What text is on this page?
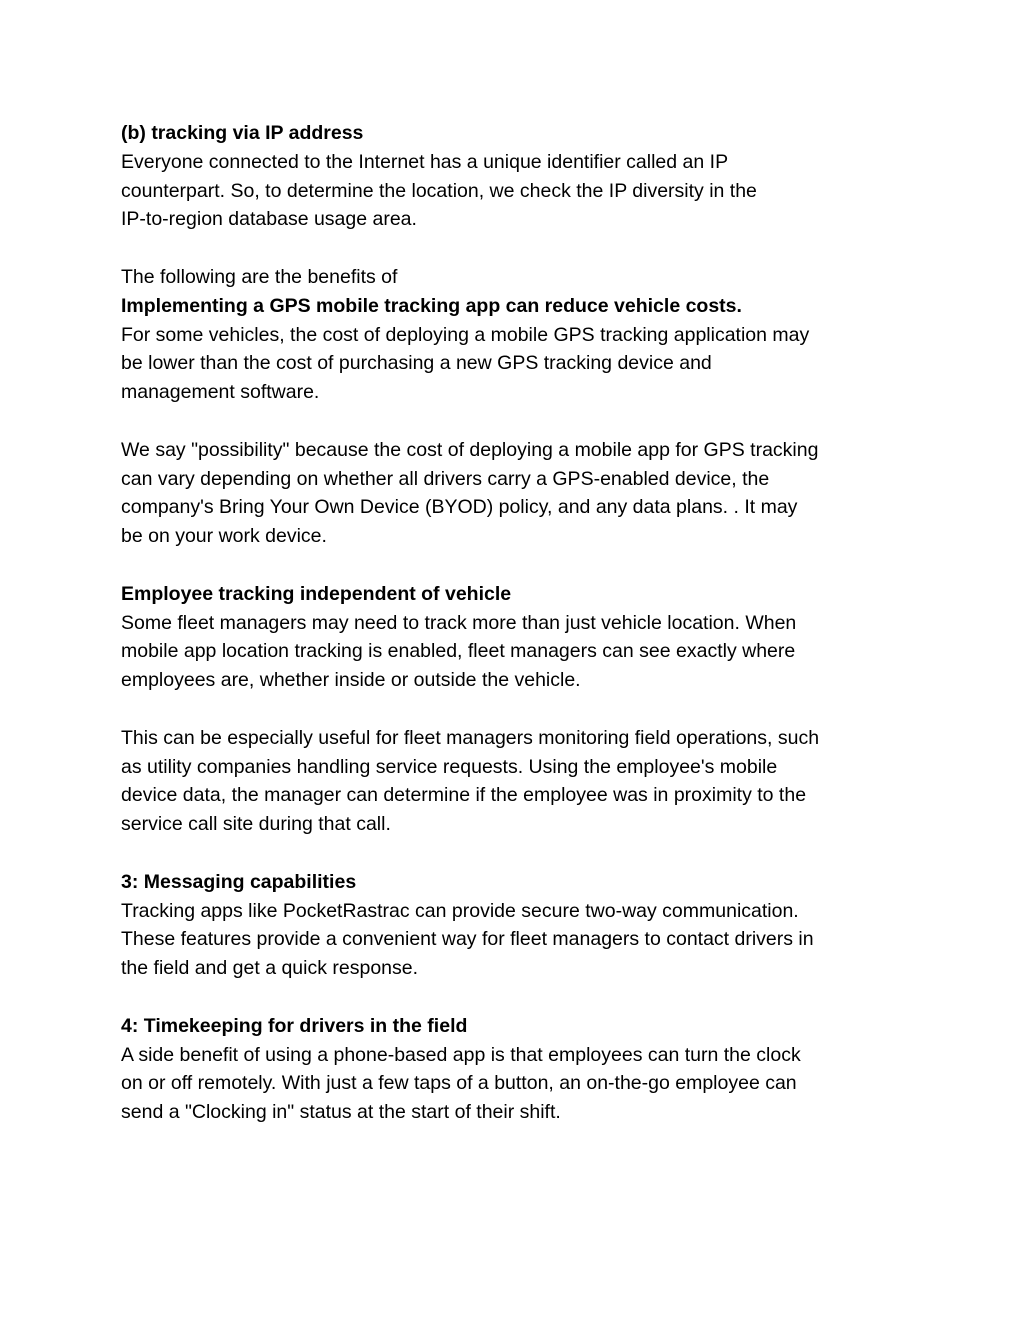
(b) tracking via IP address
Everyone connected to the Internet has a unique identifier called an IP
counterpart. So, to determine the location, we check the IP diversity in the
IP-to-region database usage area.
The following are the benefits of
Implementing a GPS mobile tracking app can reduce vehicle costs.
For some vehicles, the cost of deploying a mobile GPS tracking application may
be lower than the cost of purchasing a new GPS tracking device and
management software.
We say "possibility" because the cost of deploying a mobile app for GPS tracking
can vary depending on whether all drivers carry a GPS-enabled device, the
company's Bring Your Own Device (BYOD) policy, and any data plans. . It may
be on your work device.
Employee tracking independent of vehicle
Some fleet managers may need to track more than just vehicle location. When
mobile app location tracking is enabled, fleet managers can see exactly where
employees are, whether inside or outside the vehicle.
This can be especially useful for fleet managers monitoring field operations, such
as utility companies handling service requests. Using the employee's mobile
device data, the manager can determine if the employee was in proximity to the
service call site during that call.
3: Messaging capabilities
Tracking apps like PocketRastrac can provide secure two-way communication.
These features provide a convenient way for fleet managers to contact drivers in
the field and get a quick response.
4: Timekeeping for drivers in the field
A side benefit of using a phone-based app is that employees can turn the clock
on or off remotely. With just a few taps of a button, an on-the-go employee can
send a "Clocking in" status at the start of their shift.
